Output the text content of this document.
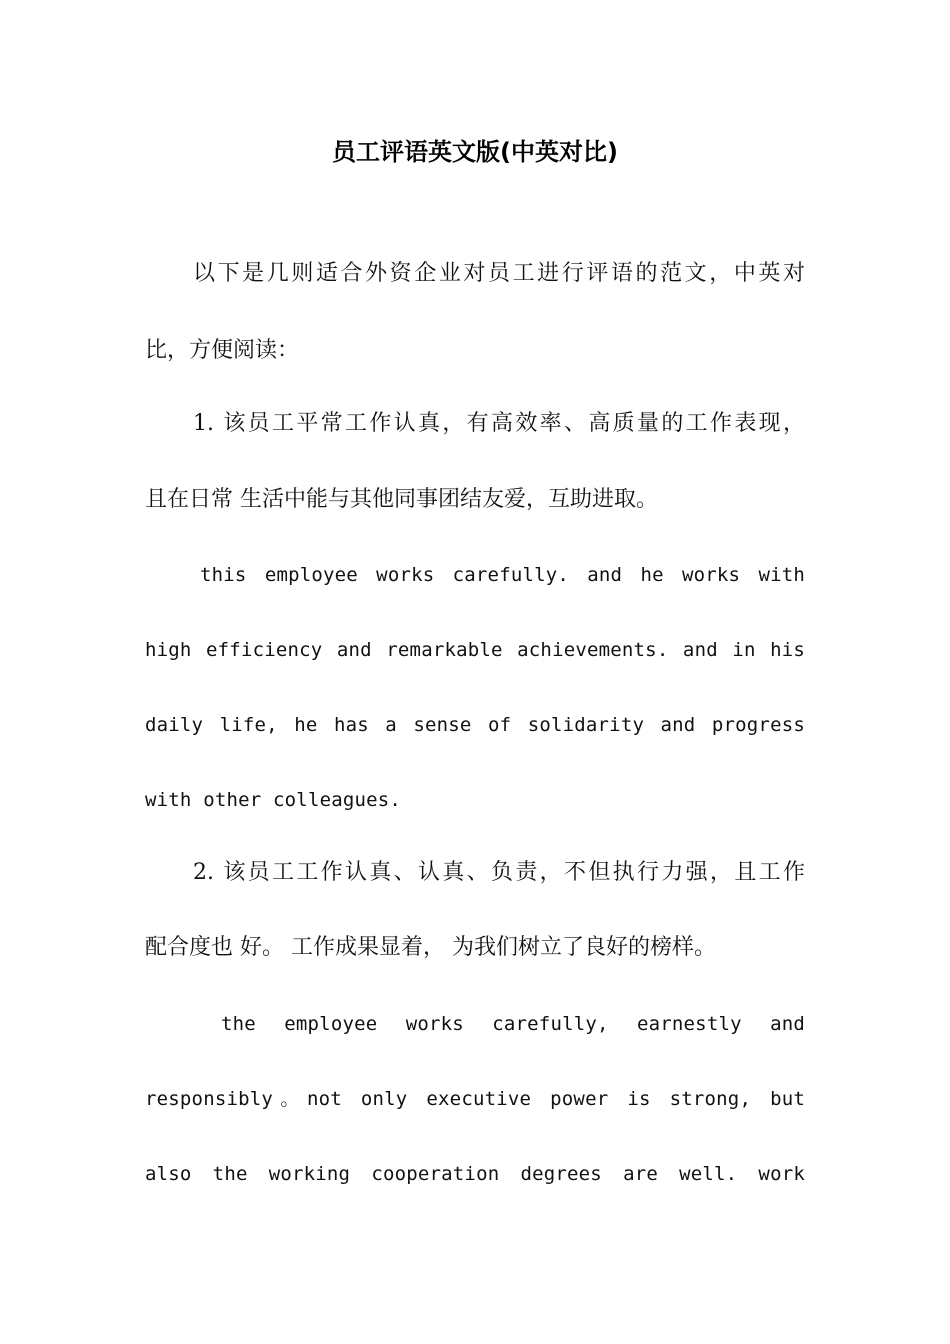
员工评语英文版(中英对比)

以下是几则适合外资企业对员工进行评语的范文，中英对

比，方便阅读：

1. 该员工平常工作认真，有高效率、高质量的工作表现，

且在日常 生活中能与其他同事团结友爱，互助进取。

this employee works carefully. and he works with

high efficiency and remarkable achievements. and in his

daily life, he has a sense of solidarity and progress

with other colleagues.

2. 该员工工作认真、认真、负责，不但执行力强，且工作

配合度也 好。 工作成果显着， 为我们树立了良好的榜样。

the employee works carefully, earnestly and

responsibly。not only executive power is strong, but

also the working cooperation degrees are well. work
